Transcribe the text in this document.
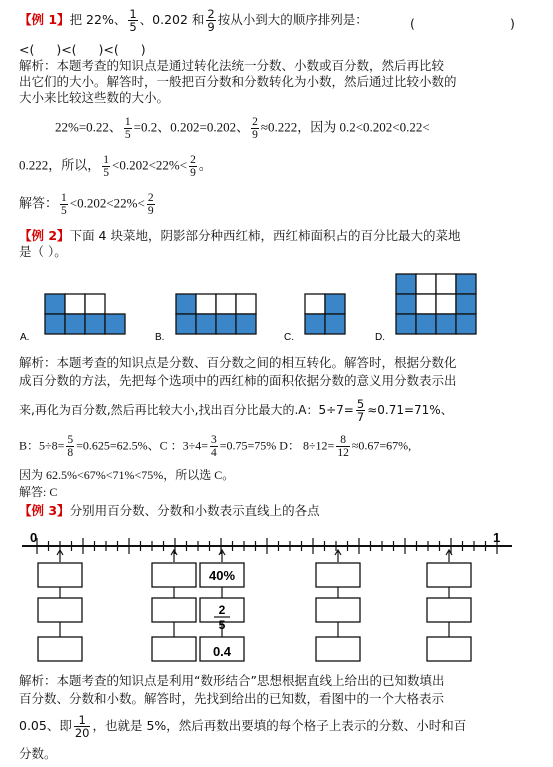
【例 1】把 22%、 $\frac{1}{5}$ 、0.202 和 $\frac{2}{9}$ 按从小到大的顺序排列是：	(	)
<( )<( )<( )
解析：本题考查的知识点是通过转化法统一分数、小数或百分数，然后再比较
出它们的大小。解答时，一般把百分数和分数转化为小数，然后通过比较小数的
大小来比较这些数的大小。
22%=0.22、 $\frac{1}{5} =0.2$、0.202=0.202、 $\frac{2}{9} \approx 0.222$，因为 0.2<0.202<0.22<
0.222，所以， $\frac{1}{5} <0.202<22\%< \frac{2}{9}$ 。
解答： $\frac{1}{5} <0.202<22\%< \frac{2}{9}$
【例 2】下面 4 块菜地，阴影部分种西红柿，西红柿面积占的百分比最大的菜地
是（ ）。
A.	B.	C.	D.
解析：本题考查的知识点是分数、百分数之间的相互转化。解答时，根据分数化
成百分数的方法，先把每个选项中的西红柿的面积依据分数的意义用分数表示出
来,再化为百分数,然后再比较大小,找出百分比最大的.A：$5\div 7= \frac{5}{7} \approx 0.71=71\%$、
B：$5\div 8= \frac{5}{8} =0.625=62.5\%$、C ：$3\div 4= \frac{3}{4} =0.75=75\%$ D： $8\div 12= \frac{8}{12} \approx 0.67=67\%$,
因为 62.5%<67%<71%<75%，所以选 C。
解答: C
【例 3】分别用百分数、分数和小数表示直线上的各点
0	1
40%
2
5
0.4
解析：本题考查的知识点是利用“数形结合”思想根据直线上给出的已知数填出
百分数、分数和小数。解答时，先找到给出的已知数，看图中的一个大格表示
0.05、即 $\frac{1}{20}$ ，也就是 5%，然后再数出要填的每个格子上表示的分数、小时和百
分数。
